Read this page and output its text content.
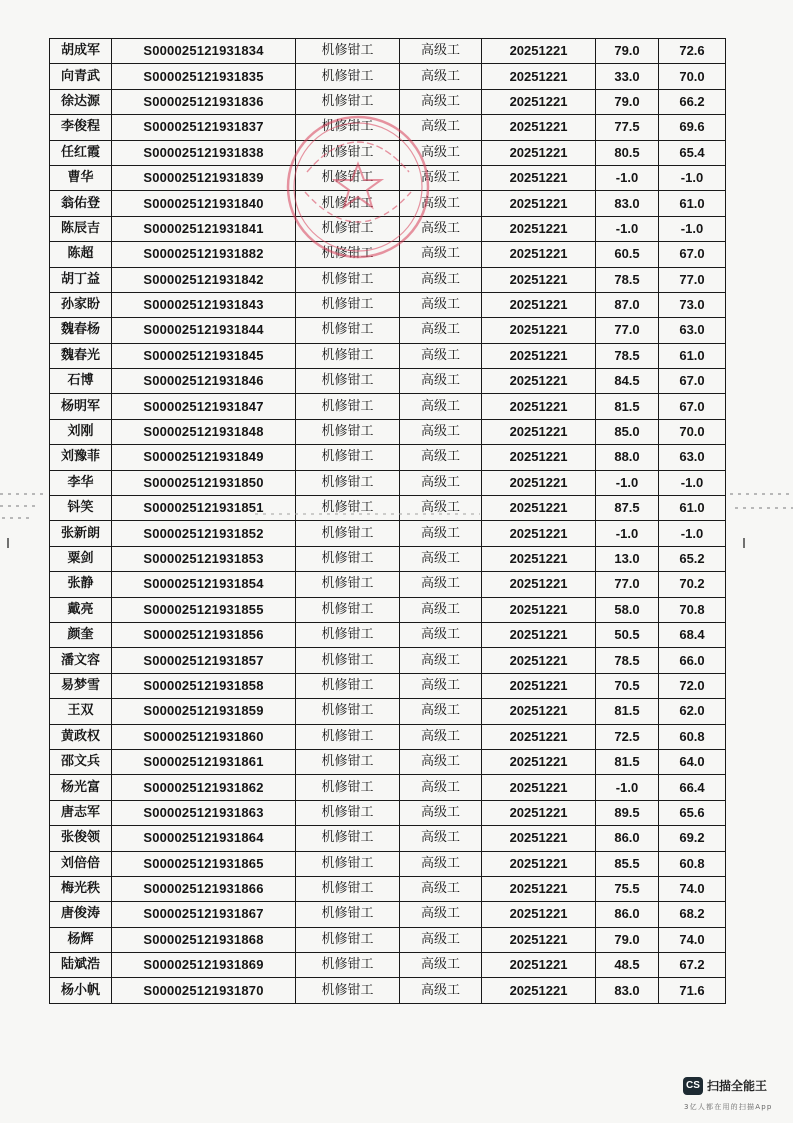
胡成军	S000025121931834	机修钳工	高级工	20251221	79.0	72.6
向青武	S000025121931835	机修钳工	高级工	20251221	33.0	70.0
徐达源	S000025121931836	机修钳工	高级工	20251221	79.0	66.2
李俊程	S000025121931837	机修钳工	高级工	20251221	77.5	69.6
任红霞	S000025121931838	机修钳工	高级工	20251221	80.5	65.4
曹华	S000025121931839	机修钳工	高级工	20251221	-1.0	-1.0
翁佑登	S000025121931840	机修钳工	高级工	20251221	83.0	61.0
陈辰吉	S000025121931841	机修钳工	高级工	20251221	-1.0	-1.0
陈超	S000025121931882	机修钳工	高级工	20251221	60.5	67.0
胡丁益	S000025121931842	机修钳工	高级工	20251221	78.5	77.0
孙家盼	S000025121931843	机修钳工	高级工	20251221	87.0	73.0
魏春杨	S000025121931844	机修钳工	高级工	20251221	77.0	63.0
魏春光	S000025121931845	机修钳工	高级工	20251221	78.5	61.0
石博	S000025121931846	机修钳工	高级工	20251221	84.5	67.0
杨明军	S000025121931847	机修钳工	高级工	20251221	81.5	67.0
刘刚	S000025121931848	机修钳工	高级工	20251221	85.0	70.0
刘豫菲	S000025121931849	机修钳工	高级工	20251221	88.0	63.0
李华	S000025121931850	机修钳工	高级工	20251221	-1.0	-1.0
钭笑	S000025121931851	机修钳工	高级工	20251221	87.5	61.0
张新朗	S000025121931852	机修钳工	高级工	20251221	-1.0	-1.0
粟剑	S000025121931853	机修钳工	高级工	20251221	13.0	65.2
张静	S000025121931854	机修钳工	高级工	20251221	77.0	70.2
戴亮	S000025121931855	机修钳工	高级工	20251221	58.0	70.8
颜奎	S000025121931856	机修钳工	高级工	20251221	50.5	68.4
潘文容	S000025121931857	机修钳工	高级工	20251221	78.5	66.0
易梦雪	S000025121931858	机修钳工	高级工	20251221	70.5	72.0
王双	S000025121931859	机修钳工	高级工	20251221	81.5	62.0
黄政权	S000025121931860	机修钳工	高级工	20251221	72.5	60.8
邵文兵	S000025121931861	机修钳工	高级工	20251221	81.5	64.0
杨光富	S000025121931862	机修钳工	高级工	20251221	-1.0	66.4
唐志军	S000025121931863	机修钳工	高级工	20251221	89.5	65.6
张俊领	S000025121931864	机修钳工	高级工	20251221	86.0	69.2
刘倍倍	S000025121931865	机修钳工	高级工	20251221	85.5	60.8
梅光秩	S000025121931866	机修钳工	高级工	20251221	75.5	74.0
唐俊涛	S000025121931867	机修钳工	高级工	20251221	86.0	68.2
杨辉	S000025121931868	机修钳工	高级工	20251221	79.0	74.0
陆斌浩	S000025121931869	机修钳工	高级工	20251221	48.5	67.2
杨小帆	S000025121931870	机修钳工	高级工	20251221	83.0	71.6
CS 扫描全能王
3亿人都在用的扫描App
